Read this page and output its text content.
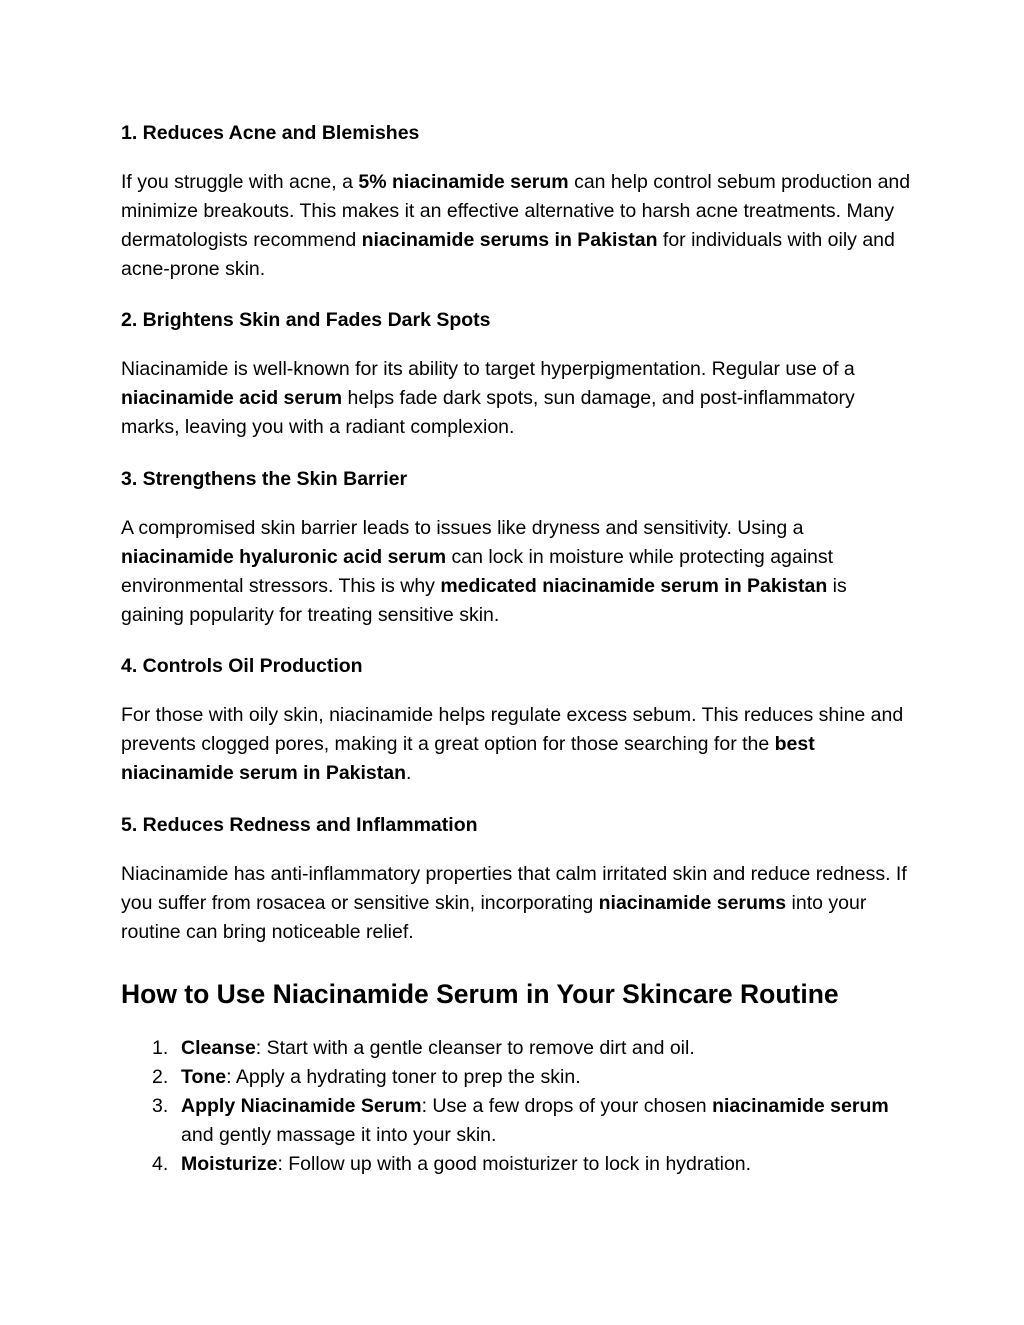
1. Reduces Acne and Blemishes

If you struggle with acne, a 5% niacinamide serum can help control sebum production and minimize breakouts. This makes it an effective alternative to harsh acne treatments. Many dermatologists recommend niacinamide serums in Pakistan for individuals with oily and acne-prone skin.

2. Brightens Skin and Fades Dark Spots

Niacinamide is well-known for its ability to target hyperpigmentation. Regular use of a niacinamide acid serum helps fade dark spots, sun damage, and post-inflammatory marks, leaving you with a radiant complexion.

3. Strengthens the Skin Barrier

A compromised skin barrier leads to issues like dryness and sensitivity. Using a niacinamide hyaluronic acid serum can lock in moisture while protecting against environmental stressors. This is why medicated niacinamide serum in Pakistan is gaining popularity for treating sensitive skin.

4. Controls Oil Production

For those with oily skin, niacinamide helps regulate excess sebum. This reduces shine and prevents clogged pores, making it a great option for those searching for the best niacinamide serum in Pakistan.

5. Reduces Redness and Inflammation

Niacinamide has anti-inflammatory properties that calm irritated skin and reduce redness. If you suffer from rosacea or sensitive skin, incorporating niacinamide serums into your routine can bring noticeable relief.

How to Use Niacinamide Serum in Your Skincare Routine
1. Cleanse: Start with a gentle cleanser to remove dirt and oil.
2. Tone: Apply a hydrating toner to prep the skin.
3. Apply Niacinamide Serum: Use a few drops of your chosen niacinamide serum and gently massage it into your skin.
4. Moisturize: Follow up with a good moisturizer to lock in hydration.
